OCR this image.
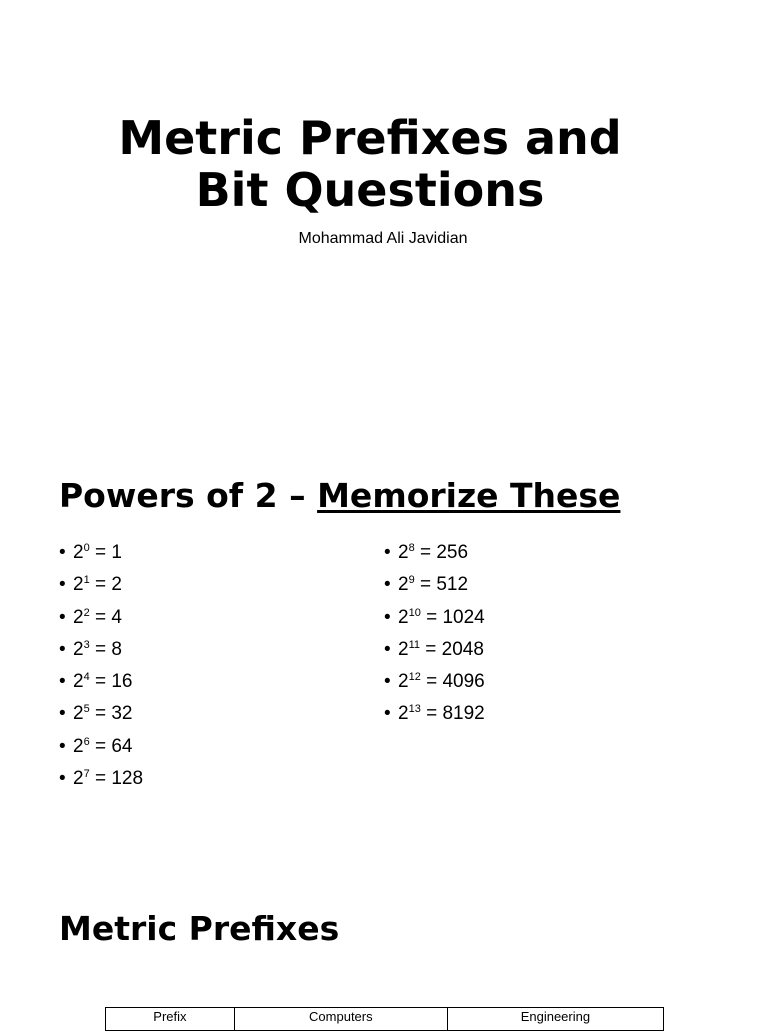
Metric Prefixes and
Bit Questions
Mohammad Ali Javidian
Powers of 2 – Memorize These
• $2^0 = 1$
• $2^1 = 2$
• $2^2 = 4$
• $2^3 = 8$
• $2^4 = 16$
• $2^5 = 32$
• $2^6 = 64$
• $2^7 = 128$
• $2^8 = 256$
• $2^9 = 512$
• $2^{10} = 1024$
• $2^{11} = 2048$
• $2^{12} = 4096$
• $2^{13} = 8192$
Metric Prefixes
Prefix	Computers	Engineering
